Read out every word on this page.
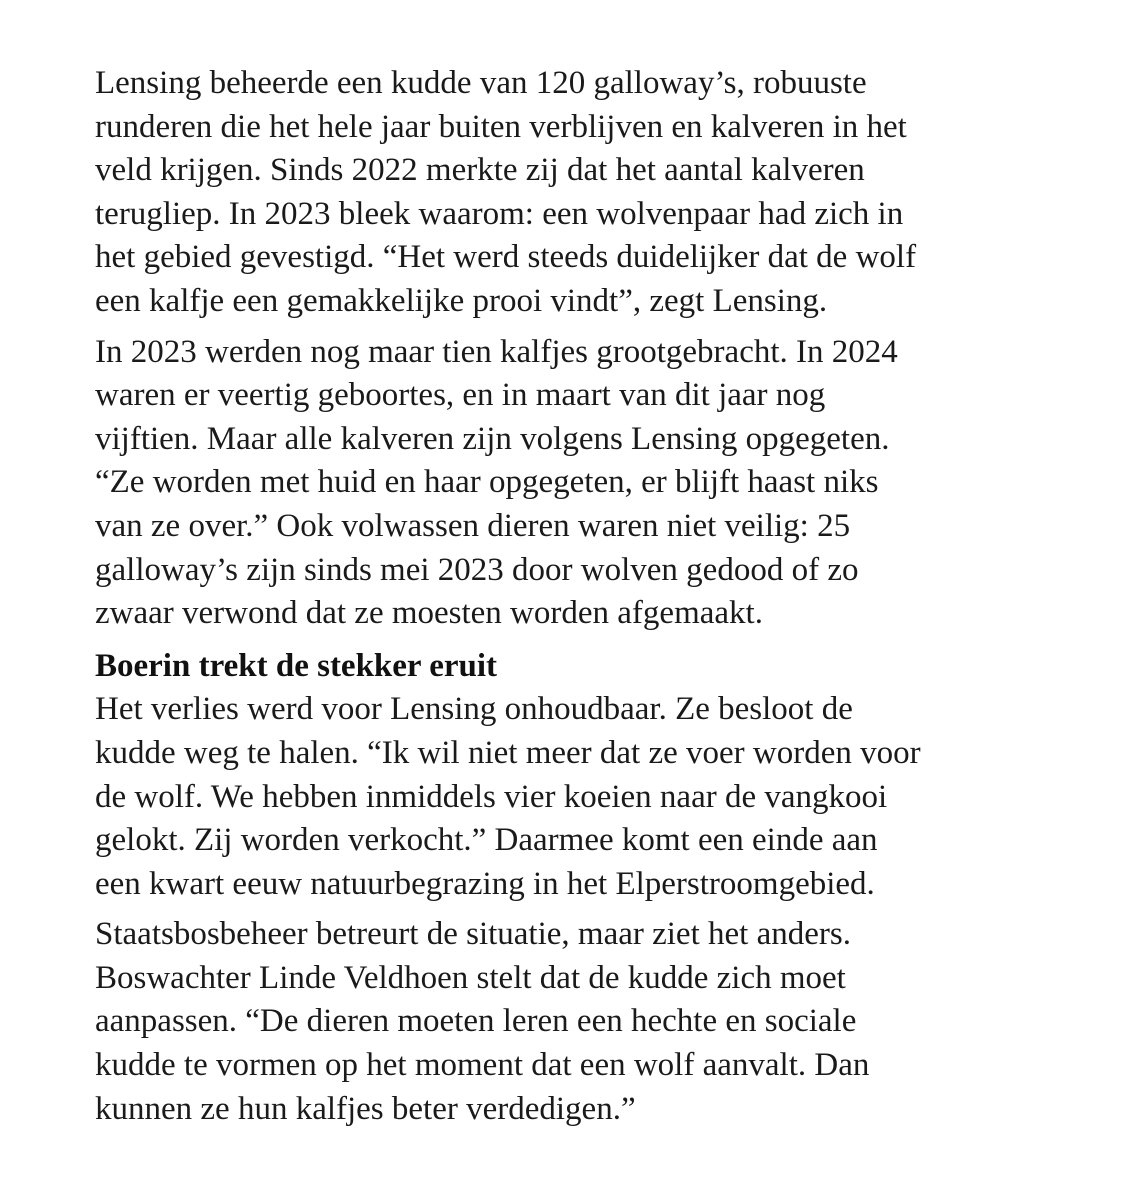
Lensing beheerde een kudde van 120 galloway’s, robuuste
runderen die het hele jaar buiten verblijven en kalveren in het
veld krijgen. Sinds 2022 merkte zij dat het aantal kalveren
terugliep. In 2023 bleek waarom: een wolvenpaar had zich in
het gebied gevestigd. “Het werd steeds duidelijker dat de wolf
een kalfje een gemakkelijke prooi vindt”, zegt Lensing.

In 2023 werden nog maar tien kalfjes grootgebracht. In 2024
waren er veertig geboortes, en in maart van dit jaar nog
vijftien. Maar alle kalveren zijn volgens Lensing opgegeten.
“Ze worden met huid en haar opgegeten, er blijft haast niks
van ze over.” Ook volwassen dieren waren niet veilig: 25
galloway’s zijn sinds mei 2023 door wolven gedood of zo
zwaar verwond dat ze moesten worden afgemaakt.

Boerin trekt de stekker eruit

Het verlies werd voor Lensing onhoudbaar. Ze besloot de
kudde weg te halen. “Ik wil niet meer dat ze voer worden voor
de wolf. We hebben inmiddels vier koeien naar de vangkooi
gelokt. Zij worden verkocht.” Daarmee komt een einde aan
een kwart eeuw natuurbegrazing in het Elperstroomgebied.

Staatsbosbeheer betreurt de situatie, maar ziet het anders.
Boswachter Linde Veldhoen stelt dat de kudde zich moet
aanpassen. “De dieren moeten leren een hechte en sociale
kudde te vormen op het moment dat een wolf aanvalt. Dan
kunnen ze hun kalfjes beter verdedigen.”
